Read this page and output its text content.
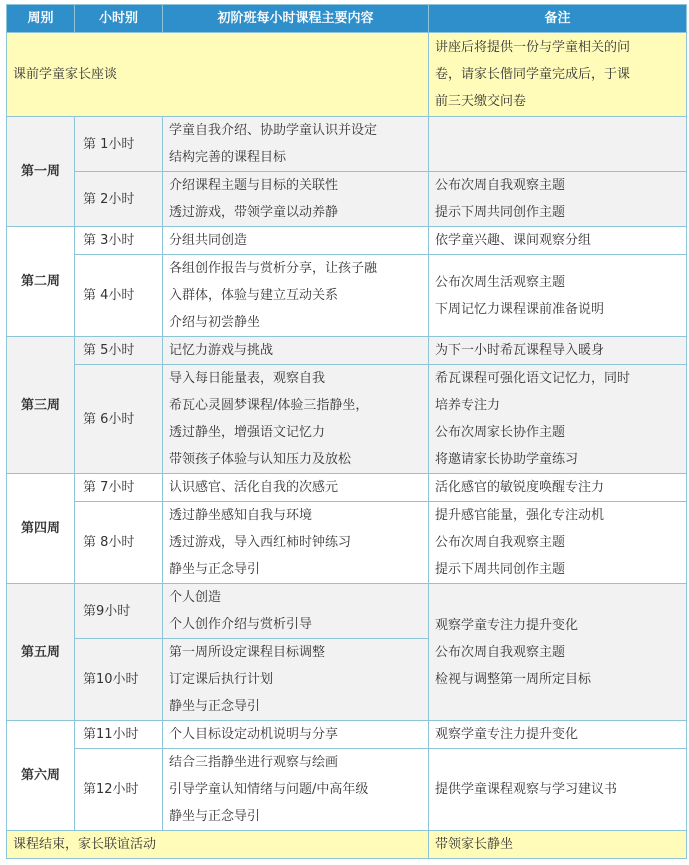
周别	小时别	初阶班每小时课程主要内容	备注
课前学童家长座谈			讲座后将提供一份与学童相关的问
卷，请家长偕同学童完成后，于课
前三天缴交问卷

第一周	第 1小时	学童自我介绍、协助学童认识并设定
结构完善的课程目标	

	第 2小时	介绍课程主题与目标的关联性
透过游戏，带领学童以动养静	公布次周自我观察主题
提示下周共同创作主题

第二周	第 3小时	分组共同创造	依学童兴趣、课间观察分组

	第 4小时	各组创作报告与赏析分享，让孩子融
入群体，体验与建立互动关系
介绍与初尝静坐	公布次周生活观察主题
下周记忆力课程课前准备说明

第三周	第 5小时	记忆力游戏与挑战	为下一小时希瓦课程导入暖身

	第 6小时	导入每日能量表，观察自我
希瓦心灵圆梦课程/体验三指静坐，
透过静坐，增强语文记忆力
带领孩子体验与认知压力及放松	希瓦课程可强化语文记忆力，同时
培养专注力
公布次周家长协作主题
将邀请家长协助学童练习

第四周	第 7小时	认识感官、活化自我的次感元	活化感官的敏锐度唤醒专注力

	第 8小时	透过静坐感知自我与环境
透过游戏，导入西红柿时钟练习
静坐与正念导引	提升感官能量，强化专注动机
公布次周自我观察主题
提示下周共同创作主题

第五周	第9小时	个人创造
个人创作介绍与赏析引导	观察学童专注力提升变化
公布次周自我观察主题
检视与调整第一周所定目标

	第10小时	第一周所设定课程目标调整
订定课后执行计划
静坐与正念导引	

第六周	第11小时	个人目标设定动机说明与分享	观察学童专注力提升变化

	第12小时	结合三指静坐进行观察与绘画
引导学童认知情绪与问题/中高年级
静坐与正念导引	提供学童课程观察与学习建议书

课程结束，家长联谊活动			带领家长静坐
